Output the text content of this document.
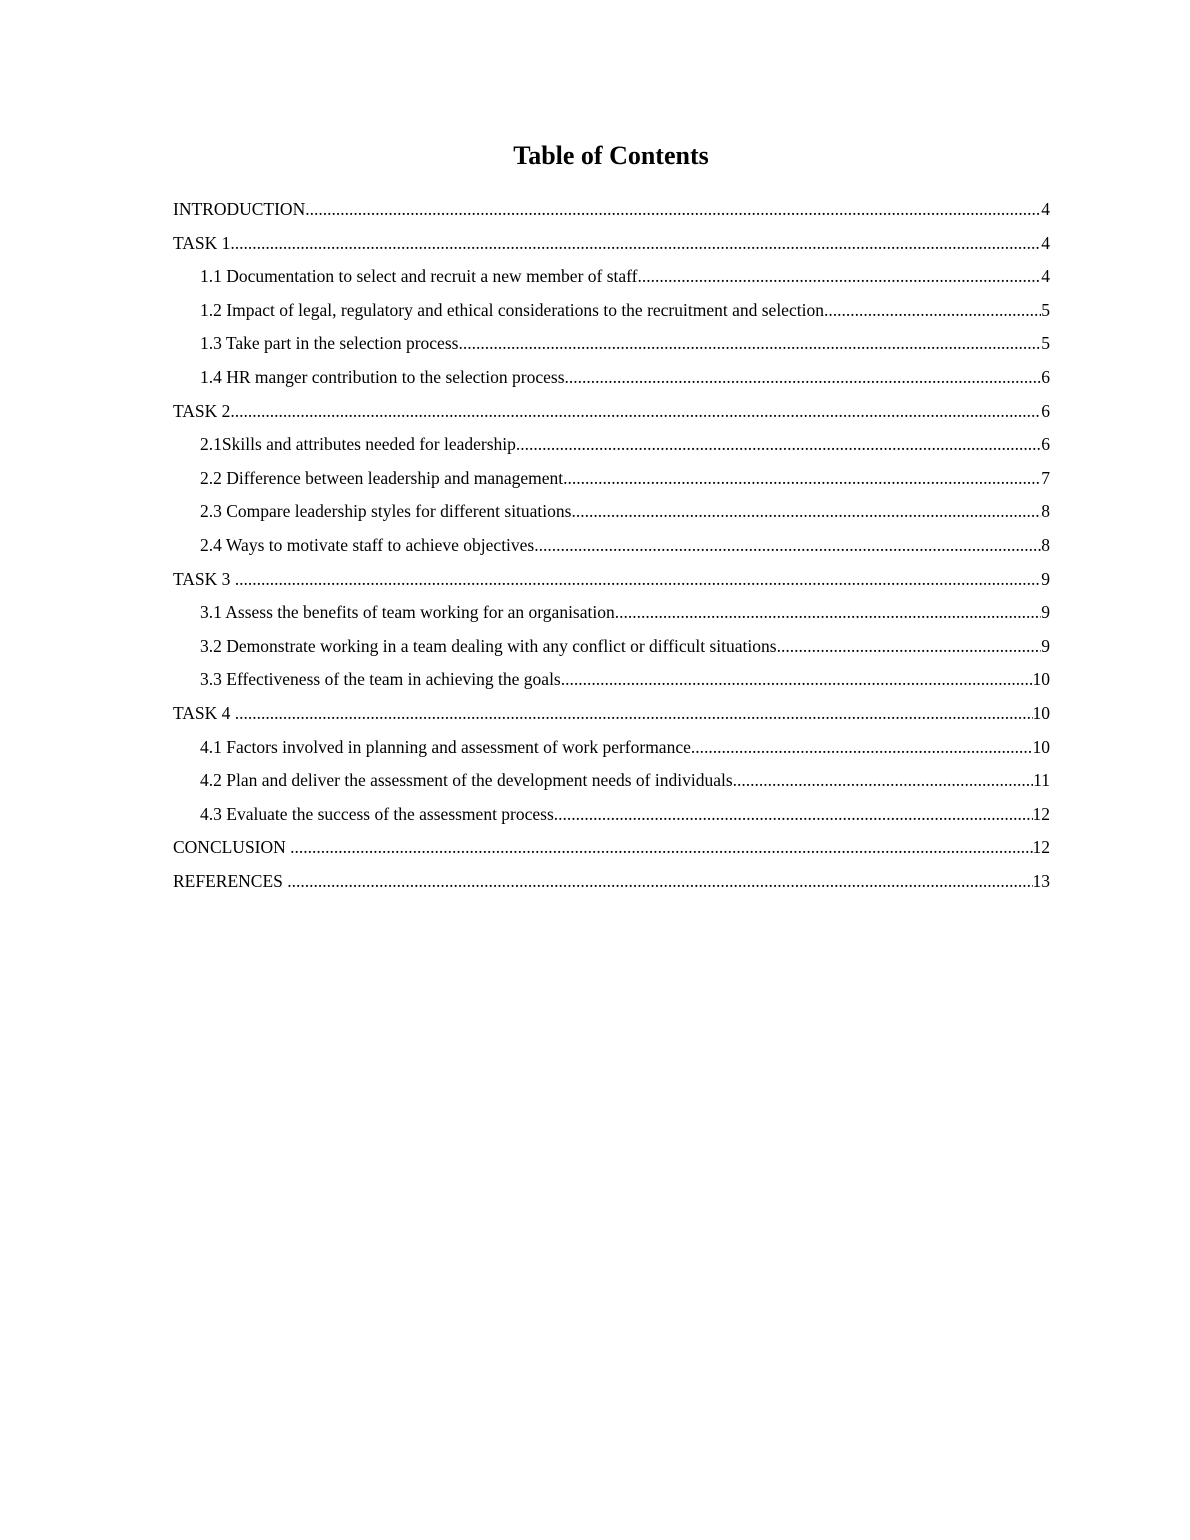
Table of Contents
INTRODUCTION .....	4
TASK 1 .....	4
1.1 Documentation to select and recruit a new member of staff .....	4
1.2 Impact of legal, regulatory and ethical considerations to the recruitment and selection. .....	5
1.3 Take part in the selection process .....	5
1.4 HR manger contribution to the selection process .....	6
TASK 2 .....	6
2.1Skills and attributes needed for leadership .....	6
2.2 Difference between leadership and management .....	7
2.3 Compare leadership styles for different situations .....	8
2.4 Ways to motivate staff to achieve objectives .....	8
TASK 3 .....	9
3.1 Assess the benefits of team working for an organisation .....	9
3.2 Demonstrate working in a team dealing with any conflict or difficult situations .....	9
3.3 Effectiveness of the team in achieving the goals .....	10
TASK 4 .....	10
4.1 Factors involved in planning and assessment of work performance .....	10
4.2 Plan and deliver the assessment of the development needs of individuals .....	11
4.3 Evaluate the success of the assessment process .....	12
CONCLUSION .....	12
REFERENCES .....	13
